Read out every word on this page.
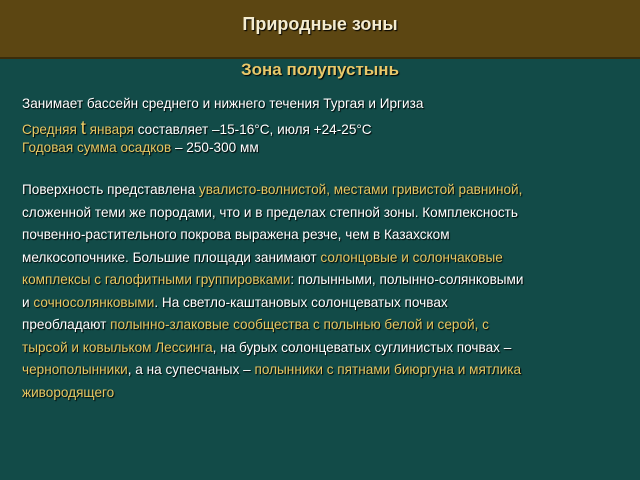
Природные зоны
Зона полупустынь
Занимает бассейн среднего и нижнего течения Тургая и Иргиза
Средняя t января составляет –15-16°С, июля +24-25°С
Годовая сумма осадков – 250-300 мм
Поверхность представлена увалисто-волнистой, местами гривистой равниной,
сложенной теми же породами, что и в пределах степной зоны. Комплексность
почвенно-растительного покрова выражена резче, чем в Казахском
мелкосопочнике. Большие площади занимают солонцовые и солончаковые
комплексы с галофитными группировками: полынными, полынно-солянковыми
и сочносолянковыми. На светло-каштановых солонцеватых почвах
преобладают полынно-злаковые сообщества с полынью белой и серой, с
тырсой и ковыльком Лессинга, на бурых солонцеватых суглинистых почвах –
чернополынники, а на супесчаных – полынники с пятнами биюргуна и мятлика
живородящего
